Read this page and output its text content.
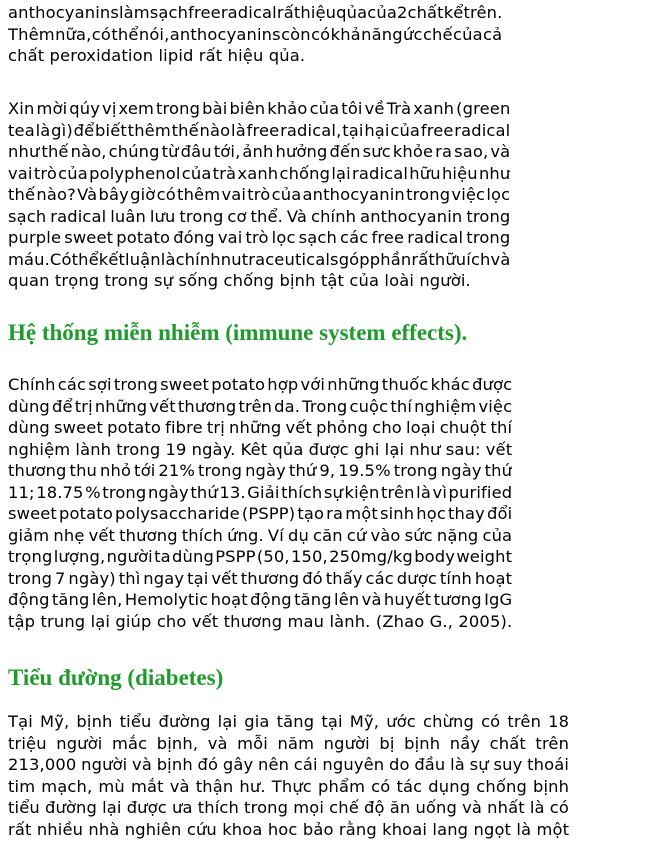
anthocyanins làm sạch free radical rất hiệu qủa của 2 chất kể trên.
Thêm nữa, có thể nói, anthocyanins còn có khả năng ức chế của cả
chất peroxidation lipid rất hiệu qủa.
Xin mời qúy vị xem trong bài biên khảo của tôi về Trà xanh (green
tea là gì) để biết thêm thế nào là free radical, tại hại của free radical
như thế nào, chúng từ đâu tới, ảnh hưởng đến sưc khỏe ra sao, và
vai trò của polyphenol của trà xanh chống lại radical hữu hiệu như
thế nào? Và bây giờ có thêm vai trò của anthocyanin trong việc lọc
sạch radical luân lưu trong cơ thể. Và chính anthocyanin trong
purple sweet potato đóng vai trò lọc sạch các free radical trong
máu.Có thể kết luận là chính nutraceuticals góp phần rất hữu ích và
quan trọng trong sự sống chống bịnh tật của loài người.
Hệ thống miễn nhiễm (immune system effects).
Chính các sợi trong sweet potato hợp với những thuốc khác được
dùng để trị những vết thương trên da. Trong cuộc thí nghiệm việc
dùng sweet potato fibre trị những vết phỏng cho loại chuột thí
nghiệm lành trong 19 ngày. Kêt qủa được ghi lại như sau: vết
thương thu nhỏ tới 21% trong ngày thứ 9, 19.5% trong ngày thứ
11; 18.75 % trong ngày thứ 13. Giải thích sự kiện trên là vì purified
sweet potato polysaccharide (PSPP) tạo ra một sinh học thay đổi
giảm nhẹ vết thương thích ứng. Ví dụ căn cứ vào sức nặng của
trọng lượng, người ta dùng PSPP (50, 150, 250mg/kg body weight
trong 7 ngày) thì ngay tại vết thương đó thấy các dược tính hoạt
động tăng lên, Hemolytic hoạt động tăng lên và huyết tương IgG
tập trung lại giúp cho vết thương mau lành. (Zhao G., 2005).
Tiểu đường (diabetes)
Tại Mỹ, bịnh tiểu đường lại gia tăng tại Mỹ, ước chừng có trên 18
triệu người mắc bịnh, và mỗi năm người bị bịnh nầy chất trên
213,000 người và bịnh đó gây nên cái nguyên do đầu là sự suy thoái
tim mạch, mù mắt và thận hư. Thực phẩm có tác dụng chống bịnh
tiểu đường lại được ưa thích trong mọi chế độ ăn uống và nhất là có
rất nhiều nhà nghiên cứu khoa hoc bảo rằng khoai lang ngọt là một
